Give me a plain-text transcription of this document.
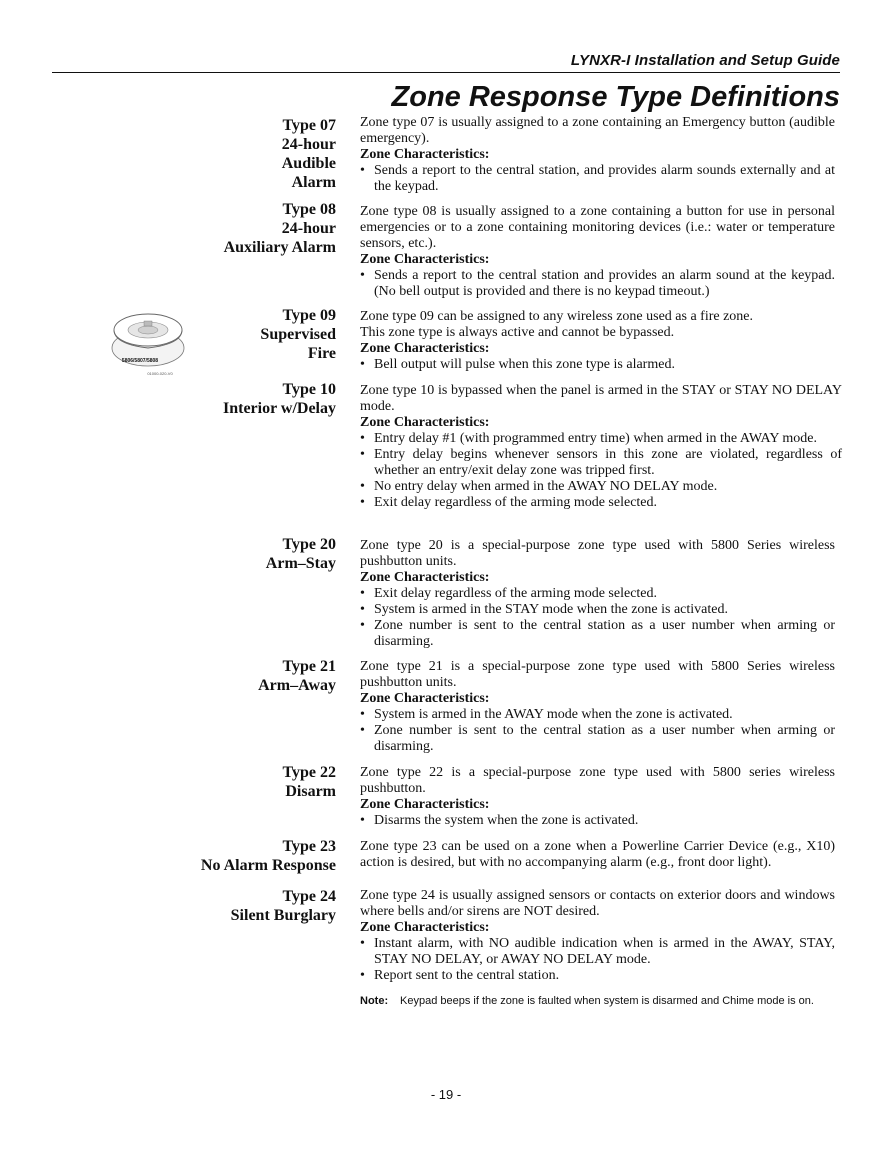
LYNXR-I Installation and Setup Guide
Zone Response Type Definitions
Type 07
24-hour
Audible
Alarm

Zone type 07 is usually assigned to a zone containing an Emergency button (audible emergency).

Zone Characteristics:
• Sends a report to the central station, and provides alarm sounds externally and at the keypad.
Type 08
24-hour
Auxiliary Alarm

Zone type 08 is usually assigned to a zone containing a button for use in personal emergencies or to a zone containing monitoring devices (i.e.: water or temperature sensors, etc.).

Zone Characteristics:
• Sends a report to the central station and provides an alarm sound at the keypad. (No bell output is provided and there is no keypad timeout.)
5806/5807/5808
01000-020-V0
Type 09
Supervised
Fire

Zone type 09 can be assigned to any wireless zone used as a fire zone. This zone type is always active and cannot be bypassed.

Zone Characteristics:
• Bell output will pulse when this zone type is alarmed.
Type 10
Interior w/Delay

Zone type 10 is bypassed when the panel is armed in the STAY or STAY NO DELAY mode.

Zone Characteristics:
• Entry delay #1 (with programmed entry time) when armed in the AWAY mode.
• Entry delay begins whenever sensors in this zone are violated, regardless of whether an entry/exit delay zone was tripped first.
• No entry delay when armed in the AWAY NO DELAY mode.
• Exit delay regardless of the arming mode selected.
Type 20
Arm–Stay

Zone type 20 is a special-purpose zone type used with 5800 Series wireless pushbutton units.

Zone Characteristics:
• Exit delay regardless of the arming mode selected.
• System is armed in the STAY mode when the zone is activated.
• Zone number is sent to the central station as a user number when arming or disarming.
Type 21
Arm–Away

Zone type 21 is a special-purpose zone type used with 5800 Series wireless pushbutton units.

Zone Characteristics:
• System is armed in the AWAY mode when the zone is activated.
• Zone number is sent to the central station as a user number when arming or disarming.
Type 22
Disarm

Zone type 22 is a special-purpose zone type used with 5800 series wireless pushbutton.

Zone Characteristics:
• Disarms the system when the zone is activated.
Type 23
No Alarm Response

Zone type 23 can be used on a zone when a Powerline Carrier Device (e.g., X10) action is desired, but with no accompanying alarm (e.g., front door light).

Type 24
Silent Burglary

Zone type 24 is usually assigned sensors or contacts on exterior doors and windows where bells and/or sirens are NOT desired.

Zone Characteristics:
• Instant alarm, with NO audible indication when is armed in the AWAY, STAY, STAY NO DELAY, or AWAY NO DELAY mode.
• Report sent to the central station.
Note:	Keypad beeps if the zone is faulted when system is disarmed and Chime mode is on.
- 19 -
